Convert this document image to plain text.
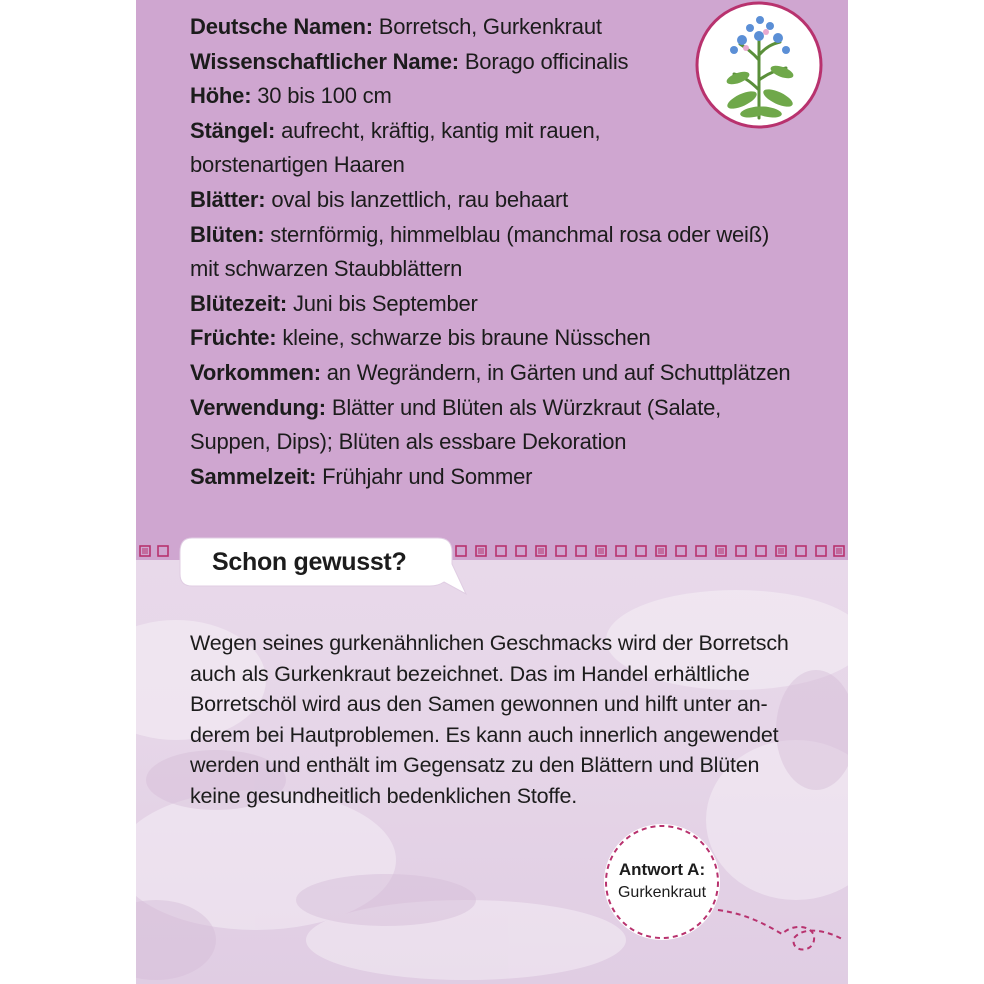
Deutsche Namen: Borretsch, Gurkenkraut

Wissenschaftlicher Name: Borago officinalis

Höhe: 30 bis 100 cm

Stängel: aufrecht, kräftig, kantig mit rauen,
borstenartigen Haaren

Blätter: oval bis lanzettlich, rau behaart

Blüten: sternförmig, himmelblau (manchmal rosa oder weiß)
mit schwarzen Staubblättern

Blütezeit: Juni bis September

Früchte: kleine, schwarze bis braune Nüsschen

Vorkommen: an Wegrändern, in Gärten und auf Schuttplätzen

Verwendung: Blätter und Blüten als Würzkraut (Salate,
Suppen, Dips); Blüten als essbare Dekoration

Sammelzeit: Frühjahr und Sommer

Schon gewusst?
Wegen seines gurkenähnlichen Geschmacks wird der Borretsch
auch als Gurkenkraut bezeichnet. Das im Handel erhältliche
Borretschöl wird aus den Samen gewonnen und hilft unter an-
derem bei Hautproblemen. Es kann auch innerlich angewendet
werden und enthält im Gegensatz zu den Blättern und Blüten
keine gesundheitlich bedenklichen Stoffe.
Antwort A:
Gurkenkraut
